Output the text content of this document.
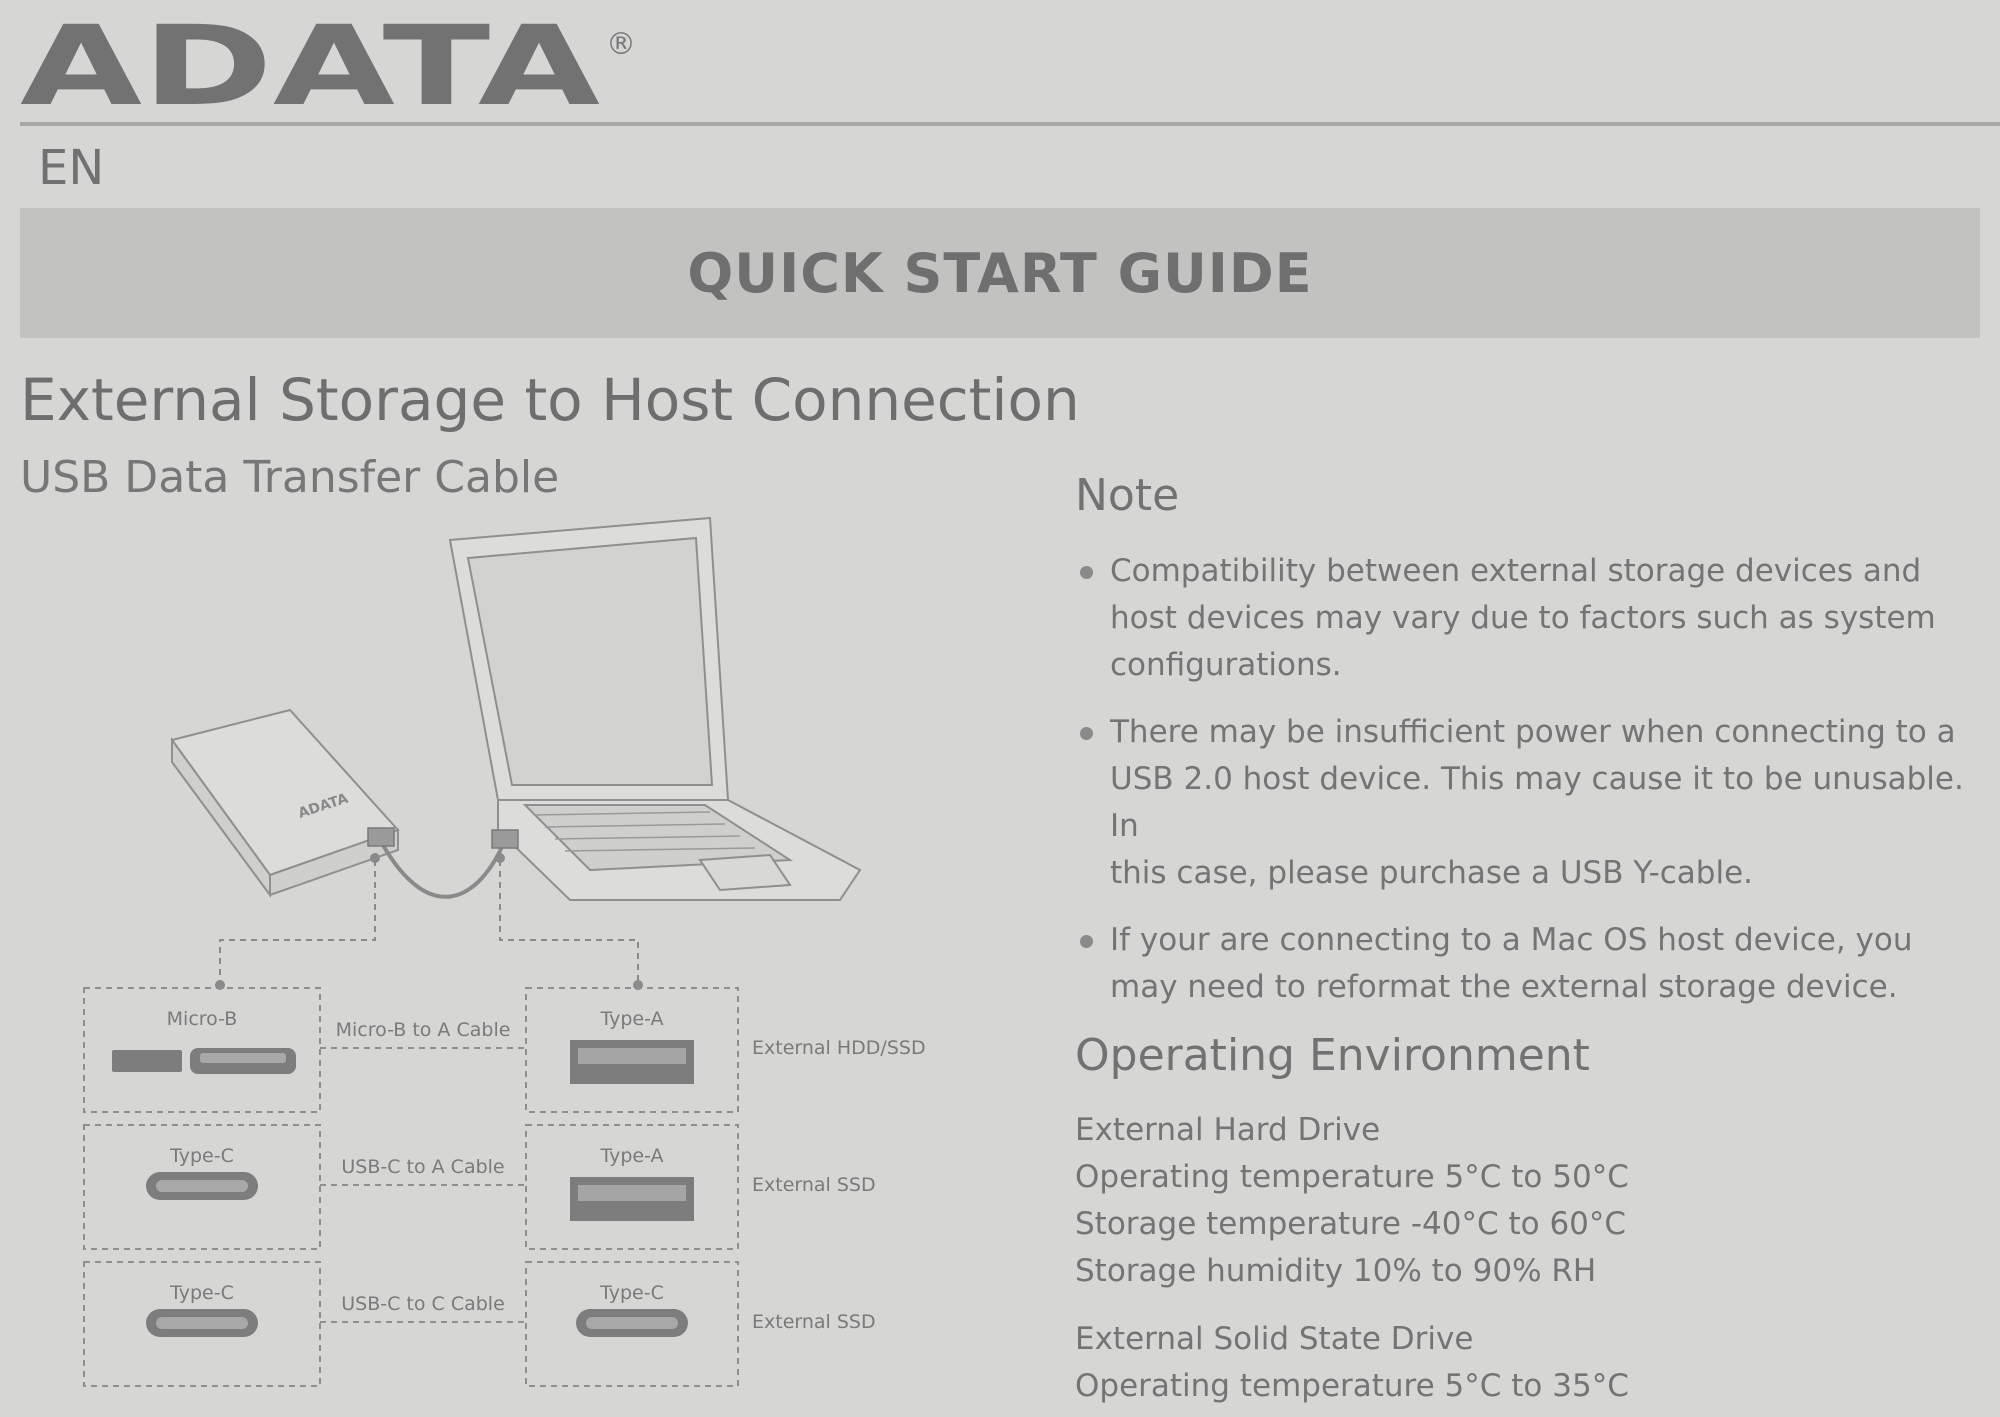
ADATA ®
EN
QUICK START GUIDE
External Storage to Host Connection
USB Data Transfer Cable
ADATA
Micro-B
Type-C
Type-C
Type-A
Type-A
Type-C
Micro-B to A Cable
USB-C to A Cable
USB-C to C Cable
External HDD/SSD
External SSD
External SSD
Note
Compatibility between external storage devices and
host devices may vary due to factors such as system
configurations.
There may be insufficient power when connecting to a
USB 2.0 host device. This may cause it to be unusable. In
this case, please purchase a USB Y-cable.
If your are connecting to a Mac OS host device, you
may need to reformat the external storage device.
Operating Environment
External Hard Drive
Operating temperature 5°C to 50°C
Storage temperature -40°C to 60°C
Storage humidity 10% to 90% RH
External Solid State Drive
Operating temperature 5°C to 35°C
